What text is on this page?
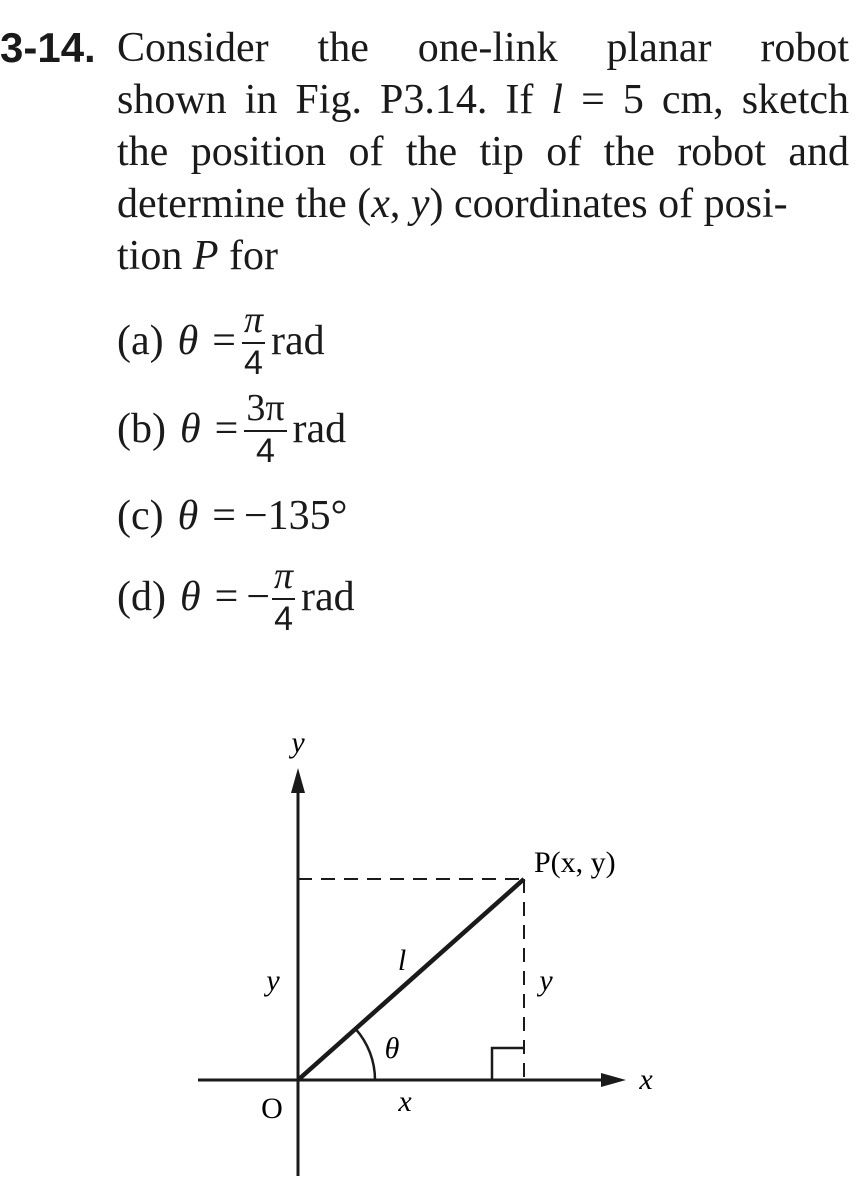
3-14. Consider the one-link planar robot
shown in Fig. P3.14. If l = 5 cm, sketch
the position of the tip of the robot and
determine the (x, y) coordinates of posi-
tion P for
(a) $\theta = \frac{\pi}{4}$ rad
(b) $\theta = \frac{3\pi}{4}$ rad
(c) θ = −135°
(d) θ = − $\frac{\pi}{4}$ rad
y
x
O
P(x, y)
l
θ
y	y
x
